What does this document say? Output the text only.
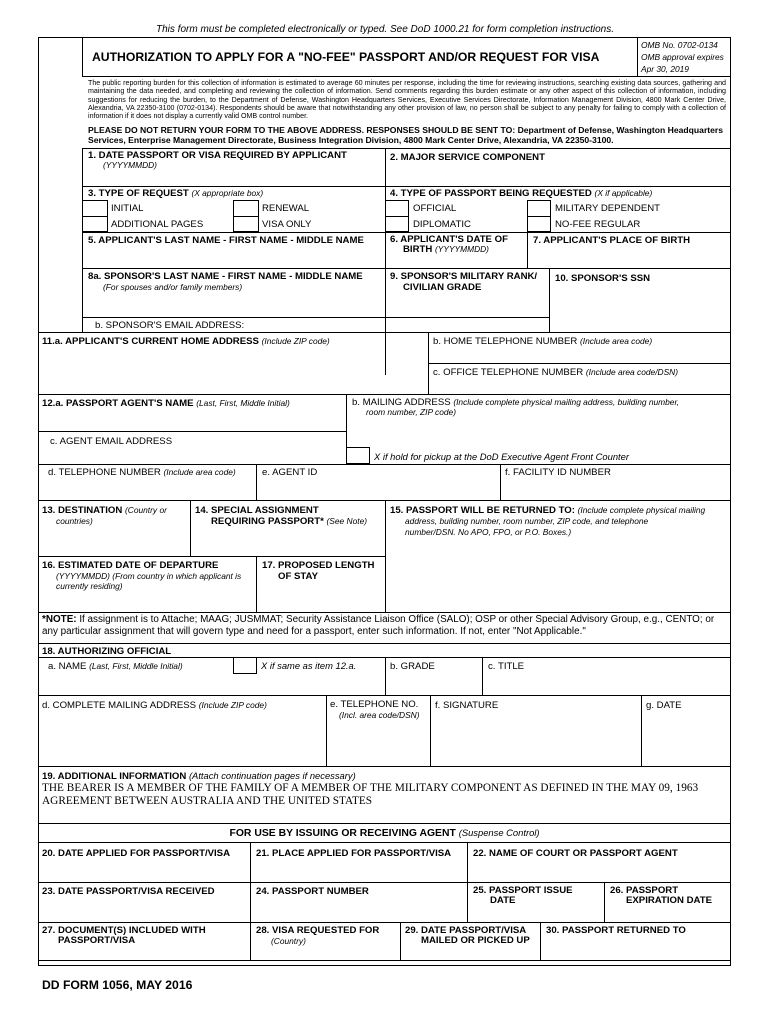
This form must be completed electronically or typed. See DoD 1000.21 for form completion instructions.
AUTHORIZATION TO APPLY FOR A "NO-FEE" PASSPORT AND/OR REQUEST FOR VISA
OMB No. 0702-0134
OMB approval expires
Apr 30, 2019
The public reporting burden for this collection of information is estimated to average 60 minutes per response, including the time for reviewing instructions, searching existing data sources, gathering and maintaining the data needed, and completing and reviewing the collection of information. Send comments regarding this burden estimate or any other aspect of this collection of information, including suggestions for reducing the burden, to the Department of Defense, Washington Headquarters Services, Executive Services Directorate, Information Management Division, 4800 Mark Center Drive, Alexandria, VA 22350-3100 (0702-0134). Respondents should be aware that notwithstanding any other provision of law, no person shall be subject to any penalty for failing to comply with a collection of information if it does not display a currently valid OMB control number.
PLEASE DO NOT RETURN YOUR FORM TO THE ABOVE ADDRESS. RESPONSES SHOULD BE SENT TO: Department of Defense, Washington Headquarters Services, Enterprise Management Directorate, Business Integration Division, 4800 Mark Center Drive, Alexandria, VA 22350-3100.
1. DATE PASSPORT OR VISA REQUIRED BY APPLICANT
(YYYYMMDD)
2. MAJOR SERVICE COMPONENT
3. TYPE OF REQUEST (X appropriate box)
INITIAL	RENEWAL
ADDITIONAL PAGES	VISA ONLY
4. TYPE OF PASSPORT BEING REQUESTED (X if applicable)
OFFICIAL	MILITARY DEPENDENT
DIPLOMATIC	NO-FEE REGULAR
5. APPLICANT'S LAST NAME - FIRST NAME - MIDDLE NAME	6. APPLICANT'S DATE OF
BIRTH (YYYYMMDD)
7. APPLICANT'S PLACE OF BIRTH
8a. SPONSOR'S LAST NAME - FIRST NAME - MIDDLE NAME
(For spouses and/or family members)
9. SPONSOR'S MILITARY RANK/
CIVILIAN GRADE
10. SPONSOR'S SSN
b. SPONSOR'S EMAIL ADDRESS:
11.a. APPLICANT'S CURRENT HOME ADDRESS (Include ZIP code)	b. HOME TELEPHONE NUMBER (Include area code)
c. OFFICE TELEPHONE NUMBER (Include area code/DSN)
12.a. PASSPORT AGENT'S NAME (Last, First, Middle Initial)	b. MAILING ADDRESS (Include complete physical mailing address, building number,
room number, ZIP code)
c. AGENT EMAIL ADDRESS
X if hold for pickup at the DoD Executive Agent Front Counter
d. TELEPHONE NUMBER (Include area code)	e. AGENT ID	f. FACILITY ID NUMBER
13. DESTINATION (Country or
countries)
14. SPECIAL ASSIGNMENT
REQUIRING PASSPORT* (See Note)
15. PASSPORT WILL BE RETURNED TO: (Include complete physical mailing
address, building number, room number, ZIP code, and telephone
number/DSN. No APO, FPO, or P.O. Boxes.)
16. ESTIMATED DATE OF DEPARTURE
(YYYYMMDD) (From country in which applicant is
currently residing)
17. PROPOSED LENGTH
OF STAY
*NOTE: If assignment is to Attache; MAAG; JUSMMAT; Security Assistance Liaison Office (SALO); OSP or other Special Advisory Group, e.g., CENTO; or any particular assignment that will govern type and need for a passport, enter such information. If not, enter "Not Applicable."
18. AUTHORIZING OFFICIAL
a. NAME (Last, First, Middle Initial)	X if same as item 12.a.	b. GRADE	c. TITLE
d. COMPLETE MAILING ADDRESS (Include ZIP code)	e. TELEPHONE NO.
(Incl. area code/DSN)
f. SIGNATURE	g. DATE
19. ADDITIONAL INFORMATION (Attach continuation pages if necessary)
THE BEARER IS A MEMBER OF THE FAMILY OF A MEMBER OF THE MILITARY COMPONENT AS DEFINED IN THE MAY 09, 1963 AGREEMENT BETWEEN AUSTRALIA AND THE UNITED STATES
FOR USE BY ISSUING OR RECEIVING AGENT (Suspense Control)
20. DATE APPLIED FOR PASSPORT/VISA	21. PLACE APPLIED FOR PASSPORT/VISA 22. NAME OF COURT OR PASSPORT AGENT
23. DATE PASSPORT/VISA RECEIVED	24. PASSPORT NUMBER	25. PASSPORT ISSUE
DATE
26. PASSPORT
EXPIRATION DATE
27. DOCUMENT(S) INCLUDED WITH
PASSPORT/VISA
28. VISA REQUESTED FOR
(Country)
29. DATE PASSPORT/VISA
MAILED OR PICKED UP
30. PASSPORT RETURNED TO
DD FORM 1056, MAY 2016
